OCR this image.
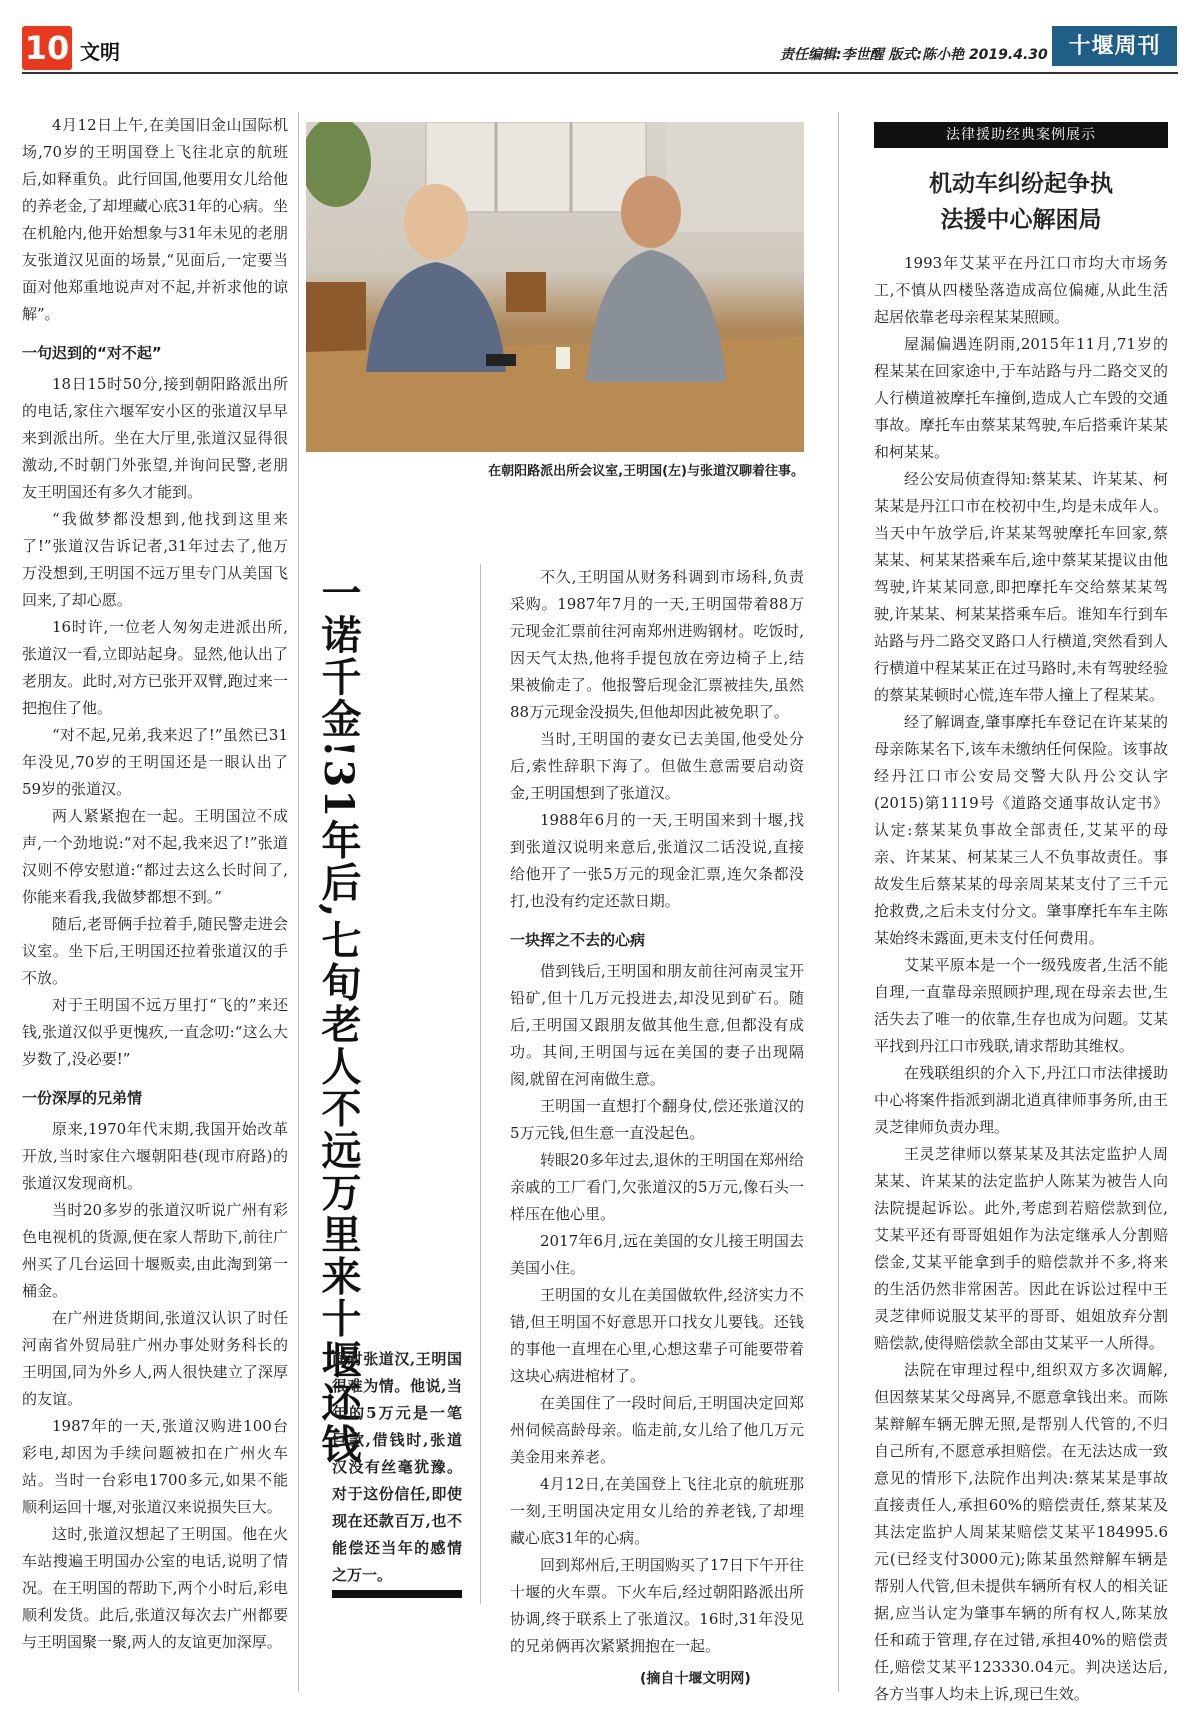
10 文明	责任编辑:李世醒 版式:陈小艳 2019.4.30 十堰周刊

4月12日上午,在美国旧金山国际机场,70岁的王明国登上飞往北京的航班后,如释重负。此行回国,他要用女儿给他的养老金,了却埋藏心底31年的心病。坐在机舱内,他开始想象与31年未见的老朋友张道汉见面的场景,“见面后,一定要当面对他郑重地说声对不起,并祈求他的谅解”。

一句迟到的“对不起”

18日15时50分,接到朝阳路派出所的电话,家住六堰军安小区的张道汉早早来到派出所。坐在大厅里,张道汉显得很激动,不时朝门外张望,并询问民警,老朋友王明国还有多久才能到。

“我做梦都没想到,他找到这里来了!”张道汉告诉记者,31年过去了,他万万没想到,王明国不远万里专门从美国飞回来,了却心愿。

16时许,一位老人匆匆走进派出所,张道汉一看,立即站起身。显然,他认出了老朋友。此时,对方已张开双臂,跑过来一把抱住了他。

“对不起,兄弟,我来迟了!”虽然已31年没见,70岁的王明国还是一眼认出了59岁的张道汉。

两人紧紧抱在一起。王明国泣不成声,一个劲地说:“对不起,我来迟了!”张道汉则不停安慰道:“都过去这么长时间了,你能来看我,我做梦都想不到。”

随后,老哥俩手拉着手,随民警走进会议室。坐下后,王明国还拉着张道汉的手不放。

对于王明国不远万里打“飞的”来还钱,张道汉似乎更愧疚,一直念叨:“这么大岁数了,没必要!”

一份深厚的兄弟情

原来,1970年代末期,我国开始改革开放,当时家住六堰朝阳巷(现市府路)的张道汉发现商机。

当时20多岁的张道汉听说广州有彩色电视机的货源,便在家人帮助下,前往广州买了几台运回十堰贩卖,由此淘到第一桶金。

在广州进货期间,张道汉认识了时任河南省外贸局驻广州办事处财务科长的王明国,同为外乡人,两人很快建立了深厚的友谊。

1987年的一天,张道汉购进100台彩电,却因为手续问题被扣在广州火车站。当时一台彩电1700多元,如果不能顺利运回十堰,对张道汉来说损失巨大。

这时,张道汉想起了王明国。他在火车站搜遍王明国办公室的电话,说明了情况。在王明国的帮助下,两个小时后,彩电顺利发货。此后,张道汉每次去广州都要与王明国聚一聚,两人的友谊更加深厚。

在朝阳路派出所会议室,王明国(左)与张道汉聊着往事。
一诺千金!31年后,七旬老人不远万里来十堰还钱
面对张道汉,王明国很难为情。他说,当年的5万元是一笔巨款,借钱时,张道汉没有丝毫犹豫。对于这份信任,即使现在还款百万,也不能偿还当年的感情之万一。

不久,王明国从财务科调到市场科,负责采购。1987年7月的一天,王明国带着88万元现金汇票前往河南郑州进购钢材。吃饭时,因天气太热,他将手提包放在旁边椅子上,结果被偷走了。他报警后现金汇票被挂失,虽然88万元现金没损失,但他却因此被免职了。

当时,王明国的妻女已去美国,他受处分后,索性辞职下海了。但做生意需要启动资金,王明国想到了张道汉。

1988年6月的一天,王明国来到十堰,找到张道汉说明来意后,张道汉二话没说,直接给他开了一张5万元的现金汇票,连欠条都没打,也没有约定还款日期。

一块挥之不去的心病

借到钱后,王明国和朋友前往河南灵宝开铅矿,但十几万元投进去,却没见到矿石。随后,王明国又跟朋友做其他生意,但都没有成功。其间,王明国与远在美国的妻子出现隔阂,就留在河南做生意。

王明国一直想打个翻身仗,偿还张道汉的5万元钱,但生意一直没起色。

转眼20多年过去,退休的王明国在郑州给亲戚的工厂看门,欠张道汉的5万元,像石头一样压在他心里。

2017年6月,远在美国的女儿接王明国去美国小住。

王明国的女儿在美国做软件,经济实力不错,但王明国不好意思开口找女儿要钱。还钱的事他一直埋在心里,心想这辈子可能要带着这块心病进棺材了。

在美国住了一段时间后,王明国决定回郑州伺候高龄母亲。临走前,女儿给了他几万元美金用来养老。

4月12日,在美国登上飞往北京的航班那一刻,王明国决定用女儿给的养老钱,了却埋藏心底31年的心病。

回到郑州后,王明国购买了17日下午开往十堰的火车票。下火车后,经过朝阳路派出所协调,终于联系上了张道汉。16时,31年没见的兄弟俩再次紧紧拥抱在一起。

(摘自十堰文明网)
法律援助经典案例展示
机动车纠纷起争执
法援中心解困局

1993年艾某平在丹江口市均大市场务工,不慎从四楼坠落造成高位偏瘫,从此生活起居依靠老母亲程某某照顾。

屋漏偏遇连阴雨,2015年11月,71岁的程某某在回家途中,于车站路与丹二路交叉的人行横道被摩托车撞倒,造成人亡车毁的交通事故。摩托车由蔡某某驾驶,车后搭乘许某某和柯某某。

经公安局侦查得知:蔡某某、许某某、柯某某是丹江口市在校初中生,均是未成年人。当天中午放学后,许某某驾驶摩托车回家,蔡某某、柯某某搭乘车后,途中蔡某某提议由他驾驶,许某某同意,即把摩托车交给蔡某某驾驶,许某某、柯某某搭乘车后。谁知车行到车站路与丹二路交叉路口人行横道,突然看到人行横道中程某某正在过马路时,未有驾驶经验的蔡某某顿时心慌,连车带人撞上了程某某。

经了解调查,肇事摩托车登记在许某某的母亲陈某名下,该车未缴纳任何保险。该事故经丹江口市公安局交警大队丹公交认字(2015)第1119号《道路交通事故认定书》认定:蔡某某负事故全部责任,艾某平的母亲、许某某、柯某某三人不负事故责任。事故发生后蔡某某的母亲周某某支付了三千元抢救费,之后未支付分文。肇事摩托车车主陈某始终未露面,更未支付任何费用。

艾某平原本是一个一级残废者,生活不能自理,一直靠母亲照顾护理,现在母亲去世,生活失去了唯一的依靠,生存也成为问题。艾某平找到丹江口市残联,请求帮助其维权。

在残联组织的介入下,丹江口市法律援助中心将案件指派到湖北逍真律师事务所,由王灵芝律师负责办理。

王灵芝律师以蔡某某及其法定监护人周某某、许某某的法定监护人陈某为被告人向法院提起诉讼。此外,考虑到若赔偿款到位,艾某平还有哥哥姐姐作为法定继承人分割赔偿金,艾某平能拿到手的赔偿款并不多,将来的生活仍然非常困苦。因此在诉讼过程中王灵芝律师说服艾某平的哥哥、姐姐放弃分割赔偿款,使得赔偿款全部由艾某平一人所得。

法院在审理过程中,组织双方多次调解,但因蔡某某父母离异,不愿意拿钱出来。而陈某辩解车辆无脾无照,是帮别人代管的,不归自己所有,不愿意承担赔偿。在无法达成一致意见的情形下,法院作出判决:蔡某某是事故直接责任人,承担60%的赔偿责任,蔡某某及其法定监护人周某某赔偿艾某平184995.6元(已经支付3000元);陈某虽然辩解车辆是帮别人代管,但未提供车辆所有权人的相关证据,应当认定为肇事车辆的所有权人,陈某放任和疏于管理,存在过错,承担40%的赔偿责任,赔偿艾某平123330.04元。判决送达后,各方当事人均未上诉,现已生效。
